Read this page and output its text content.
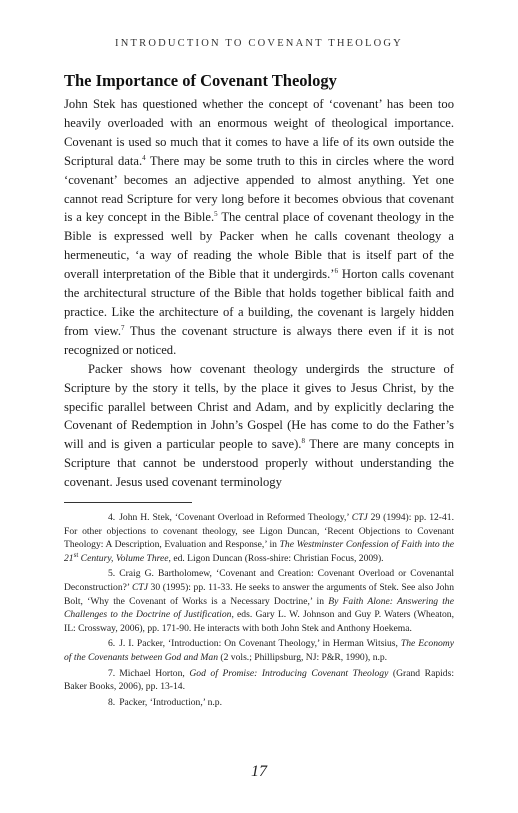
INTRODUCTION TO COVENANT THEOLOGY
The Importance of Covenant Theology

John Stek has questioned whether the concept of ‘covenant’ has been too heavily overloaded with an enormous weight of theological importance. Covenant is used so much that it comes to have a life of its own outside the Scriptural data.$^4$ There may be some truth to this in circles where the word ‘covenant’ becomes an adjective appended to almost anything. Yet one cannot read Scripture for very long before it becomes obvious that covenant is a key concept in the Bible.$^5$ The central place of covenant theology in the Bible is expressed well by Packer when he calls covenant theology a hermeneutic, ‘a way of reading the whole Bible that is itself part of the overall interpretation of the Bible that it undergirds.’$^6$ Horton calls covenant the architectural structure of the Bible that holds together biblical faith and practice. Like the architecture of a building, the covenant is largely hidden from view.$^7$ Thus the covenant structure is always there even if it is not recognized or noticed.

Packer shows how covenant theology undergirds the structure of Scripture by the story it tells, by the place it gives to Jesus Christ, by the specific parallel between Christ and Adam, and by explicitly declaring the Covenant of Redemption in John’s Gospel (He has come to do the Father’s will and is given a particular people to save).$^8$ There are many concepts in Scripture that cannot be understood properly without understanding the covenant. Jesus used covenant terminology

4. John H. Stek, ‘Covenant Overload in Reformed Theology,’ CTJ 29 (1994): pp. 12-41. For other objections to covenant theology, see Ligon Duncan, ‘Recent Objections to Covenant Theology: A Description, Evaluation and Response,’ in The Westminster Confession of Faith into the 21st Century, Volume Three, ed. Ligon Duncan (Ross-shire: Christian Focus, 2009).

5. Craig G. Bartholomew, ‘Covenant and Creation: Covenant Overload or Covenantal Deconstruction?’ CTJ 30 (1995): pp. 11-33. He seeks to answer the arguments of Stek. See also John Bolt, ‘Why the Covenant of Works is a Necessary Doctrine,’ in By Faith Alone: Answering the Challenges to the Doctrine of Justification, eds. Gary L. W. Johnson and Guy P. Waters (Wheaton, IL: Crossway, 2006), pp. 171-90. He interacts with both John Stek and Anthony Hoekema.

6. J. I. Packer, ‘Introduction: On Covenant Theology,’ in Herman Witsius, The Economy of the Covenants between God and Man (2 vols.; Phillipsburg, NJ: P&R, 1990), n.p.

7. Michael Horton, God of Promise: Introducing Covenant Theology (Grand Rapids: Baker Books, 2006), pp. 13-14.

8. Packer, ‘Introduction,’ n.p.

17
